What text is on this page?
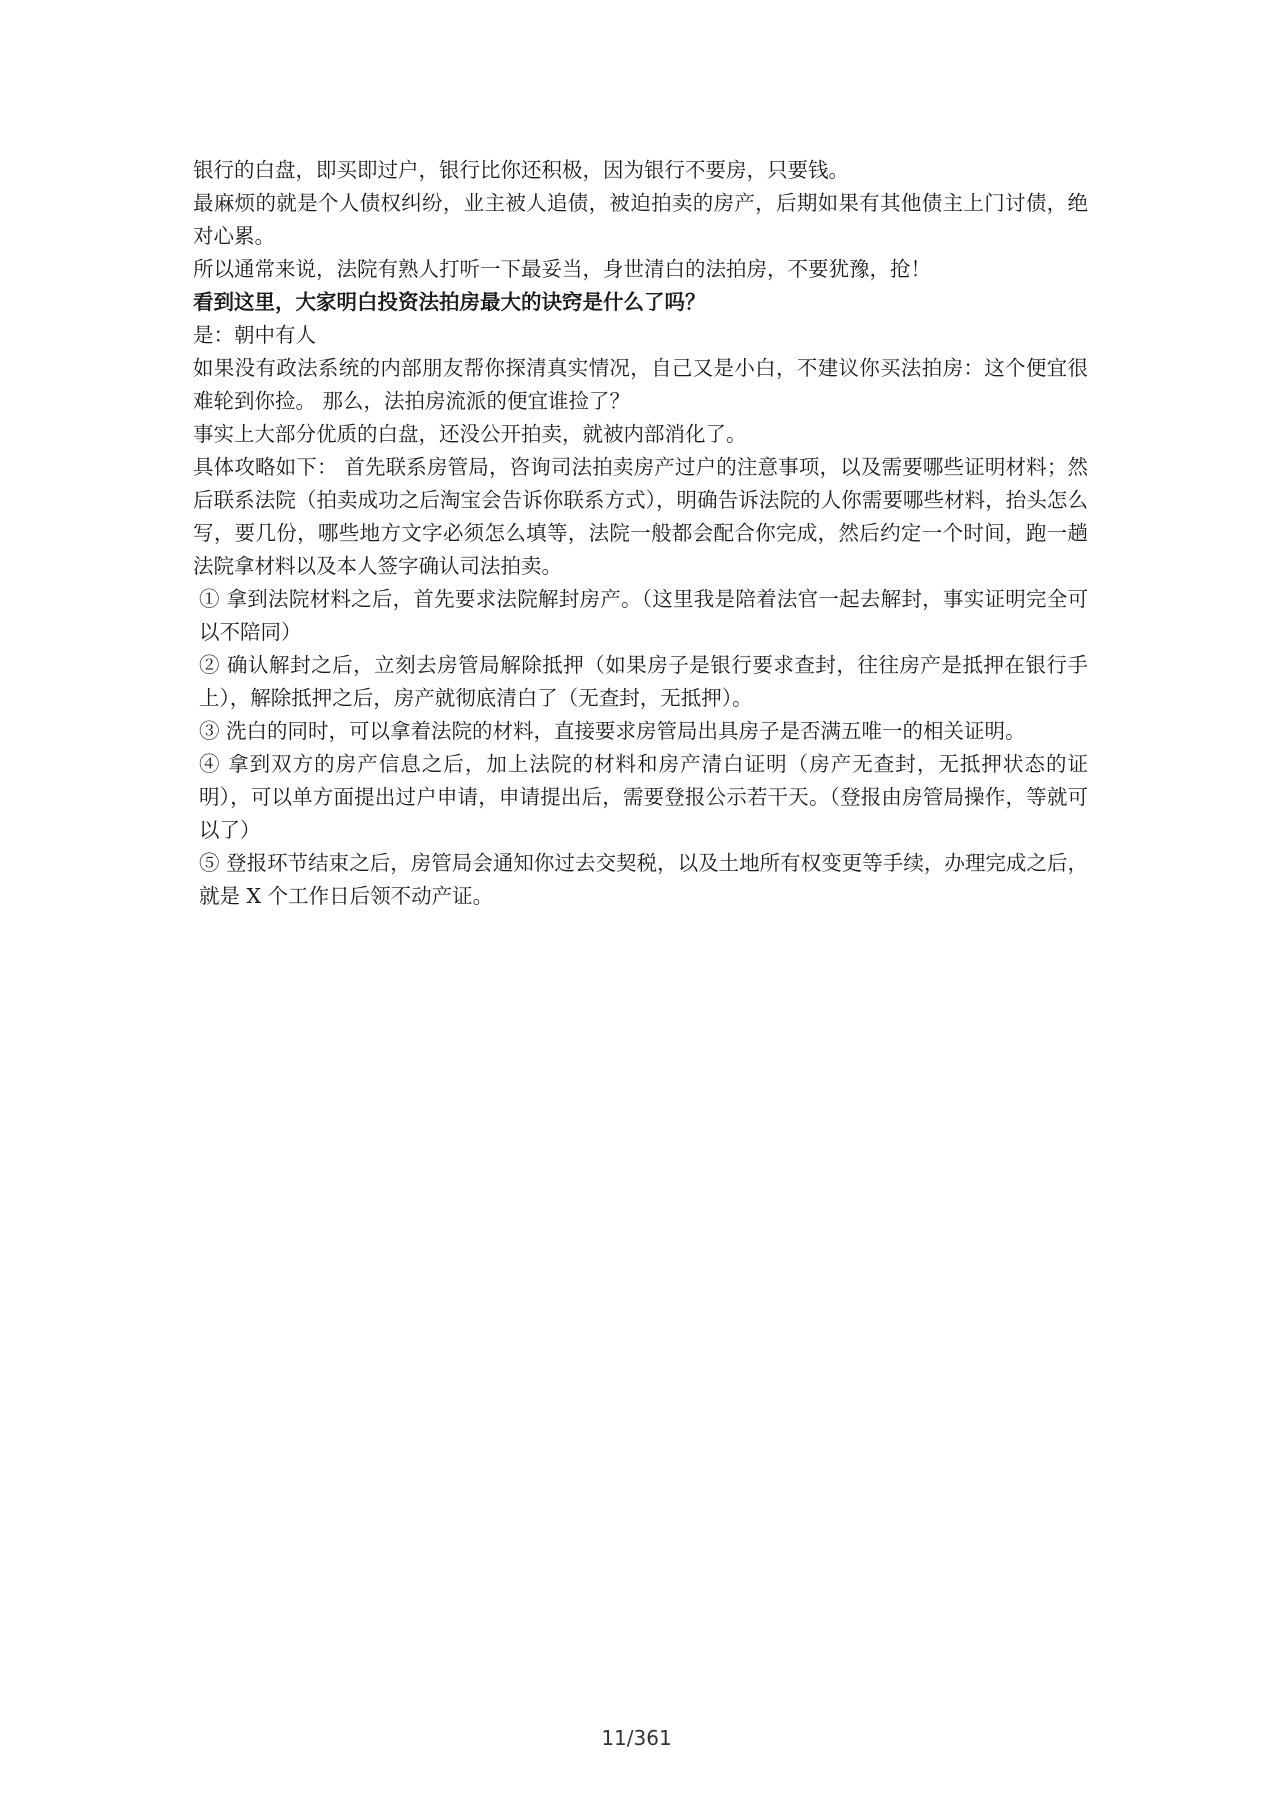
银行的白盘，即买即过户，银行比你还积极，因为银行不要房，只要钱。

最麻烦的就是个人债权纠纷，业主被人追债，被迫拍卖的房产，后期如果有其他债主上门讨债，绝对心累。

所以通常来说，法院有熟人打听一下最妥当，身世清白的法拍房，不要犹豫，抢！

看到这里，大家明白投资法拍房最大的诀窍是什么了吗？

是：朝中有人

如果没有政法系统的内部朋友帮你探清真实情况，自己又是小白，不建议你买法拍房：这个便宜很难轮到你捡。 那么，法拍房流派的便宜谁捡了？

事实上大部分优质的白盘，还没公开拍卖，就被内部消化了。

具体攻略如下： 首先联系房管局，咨询司法拍卖房产过户的注意事项，以及需要哪些证明材料；然后联系法院（拍卖成功之后淘宝会告诉你联系方式），明确告诉法院的人你需要哪些材料，抬头怎么写，要几份，哪些地方文字必须怎么填等，法院一般都会配合你完成，然后约定一个时间，跑一趟法院拿材料以及本人签字确认司法拍卖。

① 拿到法院材料之后，首先要求法院解封房产。（这里我是陪着法官一起去解封，事实证明完全可以不陪同）

② 确认解封之后，立刻去房管局解除抵押（如果房子是银行要求查封，往往房产是抵押在银行手上），解除抵押之后，房产就彻底清白了（无查封，无抵押）。

③ 洗白的同时，可以拿着法院的材料，直接要求房管局出具房子是否满五唯一的相关证明。

④ 拿到双方的房产信息之后，加上法院的材料和房产清白证明（房产无查封，无抵押状态的证明），可以单方面提出过户申请，申请提出后，需要登报公示若干天。（登报由房管局操作，等就可以了）

⑤ 登报环节结束之后，房管局会通知你过去交契税，以及土地所有权变更等手续，办理完成之后，就是 X 个工作日后领不动产证。

11/361
